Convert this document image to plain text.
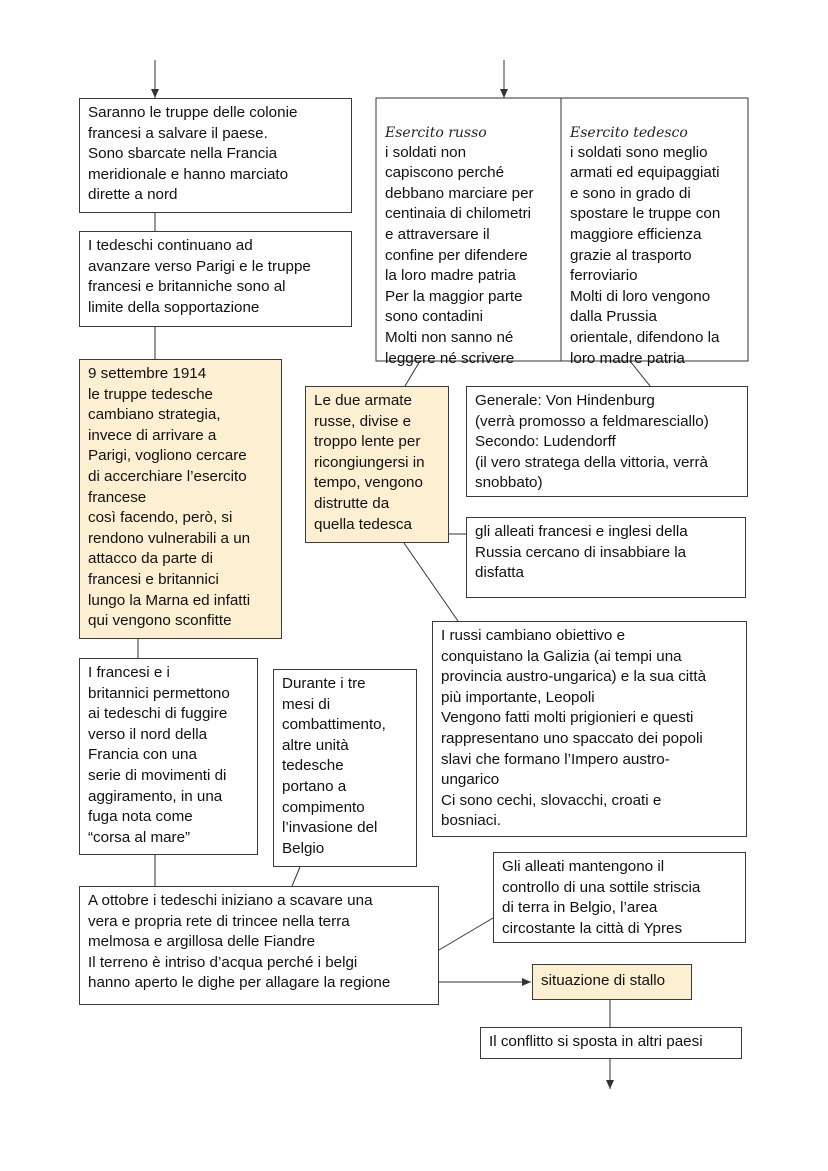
Saranno le truppe delle colonie
francesi a salvare il paese.
Sono sbarcate nella Francia
meridionale e hanno marciato
dirette a nord
I tedeschi continuano ad
avanzare verso Parigi e le truppe
francesi e britanniche sono al
limite della sopportazione
9 settembre 1914
le truppe tedesche
cambiano strategia,
invece di arrivare a
Parigi, vogliono cercare
di accerchiare l’esercito
francese
così facendo, però, si
rendono vulnerabili a un
attacco da parte di
francesi e britannici
lungo la Marna ed infatti
qui vengono sconfitte
I francesi e i
britannici permettono
ai tedeschi di fuggire
verso il nord della
Francia con una
serie di movimenti di
aggiramento, in una
fuga nota come
“corsa al mare”
Durante i tre
mesi di
combattimento,
altre unità
tedesche
portano a
compimento
l’invasione del
Belgio
A ottobre i tedeschi iniziano a scavare una
vera e propria rete di trincee nella terra
melmosa e argillosa delle Fiandre
Il terreno è intriso d’acqua perché i belgi
hanno aperto le dighe per allagare la regione

Esercito russo
i soldati non
capiscono perché
debbano marciare per
centinaia di chilometri
e attraversare il
confine per difendere
la loro madre patria
Per la maggior parte
sono contadini
Molti non sanno né
leggere né scrivere

Esercito tedesco
i soldati sono meglio
armati ed equipaggiati
e sono in grado di
spostare le truppe con
maggiore efficienza
grazie al trasporto
ferroviario
Molti di loro vengono
dalla Prussia
orientale, difendono la
loro madre patria

Le due armate
russe, divise e
troppo lente per
ricongiungersi in
tempo, vengono
distrutte da
quella tedesca
Generale: Von Hindenburg
(verrà promosso a feldmaresciallo)
Secondo: Ludendorff
(il vero stratega della vittoria, verrà
snobbato)
gli alleati francesi e inglesi della
Russia cercano di insabbiare la
disfatta
I russi cambiano obiettivo e
conquistano la Galizia (ai tempi una
provincia austro-ungarica) e la sua città
più importante, Leopoli
Vengono fatti molti prigionieri e questi
rappresentano uno spaccato dei popoli
slavi che formano l’Impero austro-
ungarico
Ci sono cechi, slovacchi, croati e
bosniaci.
Gli alleati mantengono il
controllo di una sottile striscia
di terra in Belgio, l’area
circostante la città di Ypres
situazione di stallo
Il conflitto si sposta in altri paesi
